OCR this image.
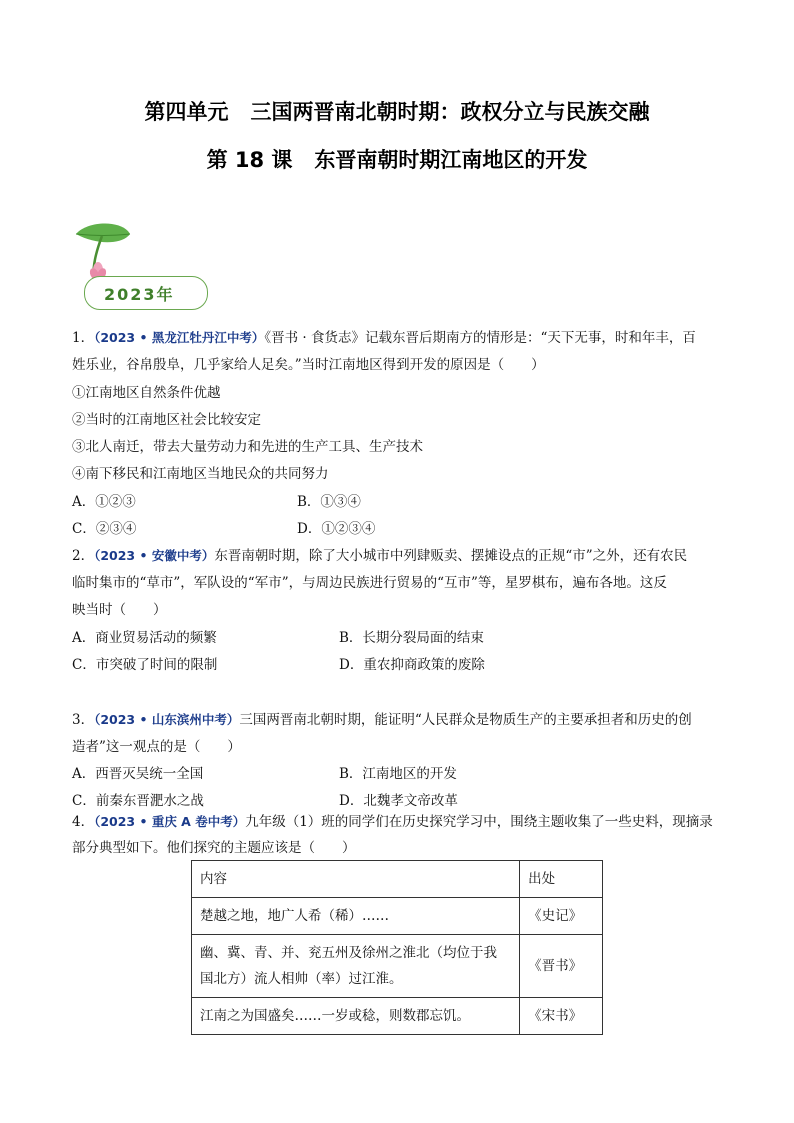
第四单元 三国两晋南北朝时期：政权分立与民族交融
第 18 课 东晋南朝时期江南地区的开发
2023年
1．（2023 • 黑龙江牡丹江中考）《晋书 · 食货志》记载东晋后期南方的情形是：“天下无事，时和年丰，百
姓乐业，谷帛殷阜，几乎家给人足矣。”当时江南地区得到开发的原因是（　　）
①江南地区自然条件优越
②当时的江南地区社会比较安定
③北人南迁，带去大量劳动力和先进的生产工具、生产技术
④南下移民和江南地区当地民众的共同努力
A．①②③	B．①③④
C．②③④	D．①②③④
2．（2023 • 安徽中考）东晋南朝时期，除了大小城市中列肆贩卖、摆摊设点的正规“市”之外，还有农民
临时集市的“草市”，军队设的“军市”，与周边民族进行贸易的“互市”等，星罗棋布，遍布各地。这反
映当时（　　）
A．商业贸易活动的频繁	B．长期分裂局面的结束
C．市突破了时间的限制	D．重农抑商政策的废除
3．（2023 • 山东滨州中考）三国两晋南北朝时期，能证明“人民群众是物质生产的主要承担者和历史的创
造者”这一观点的是（　　）
A．西晋灭吴统一全国	B．江南地区的开发
C．前秦东晋淝水之战	D．北魏孝文帝改革
4．（2023 • 重庆 A 卷中考）九年级（1）班的同学们在历史探究学习中，围绕主题收集了一些史料，现摘录
内容	出处
楚越之地，地广人希（稀）……	《史记》
幽、冀、青、并、兖五州及徐州之淮北（均位于我
国北方）流人相帅（率）过江淮。	《晋书》
江南之为国盛矣……一岁或稔，则数郡忘饥。	《宋书》
部分典型如下。他们探究的主题应该是（　　）
